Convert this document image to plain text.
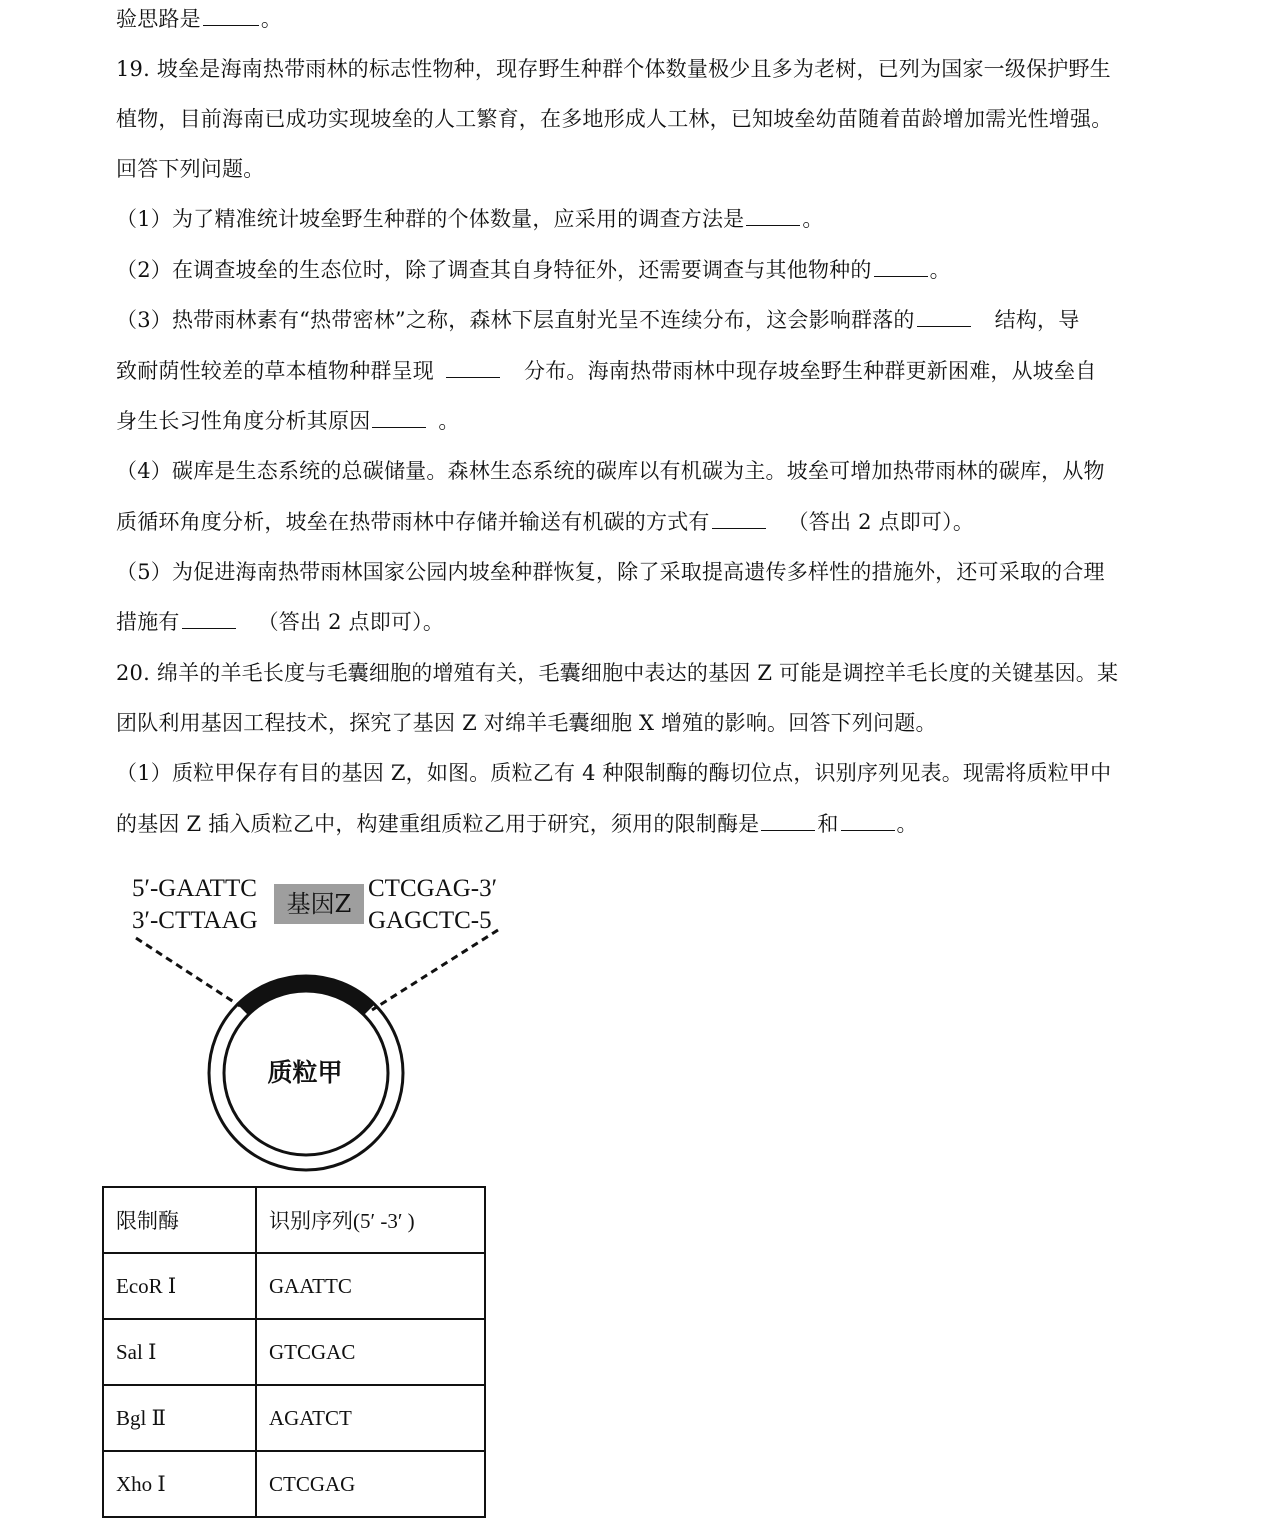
验思路是	。
19. 坡垒是海南热带雨林的标志性物种，现存野生种群个体数量极少且多为老树，已列为国家一级保护野生
植物，目前海南已成功实现坡垒的人工繁育，在多地形成人工林，已知坡垒幼苗随着苗龄增加需光性增强。
回答下列问题。
（1）为了精准统计坡垒野生种群的个体数量，应采用的调查方法是	。
（2）在调查坡垒的生态位时，除了调查其自身特征外，还需要调查与其他物种的	。
（3）热带雨林素有“热带密林”之称，森林下层直射光呈不连续分布，这会影响群落的	结构，导
致耐荫性较差的草本植物种群呈现	分布。海南热带雨林中现存坡垒野生种群更新困难，从坡垒自
身生长习性角度分析其原因	。
（4）碳库是生态系统的总碳储量。森林生态系统的碳库以有机碳为主。坡垒可增加热带雨林的碳库，从物
质循环角度分析，坡垒在热带雨林中存储并输送有机碳的方式有	（答出 2 点即可）。
（5）为促进海南热带雨林国家公园内坡垒种群恢复，除了采取提高遗传多样性的措施外，还可采取的合理
措施有	（答出 2 点即可）。
20. 绵羊的羊毛长度与毛囊细胞的增殖有关，毛囊细胞中表达的基因 Z 可能是调控羊毛长度的关键基因。某
团队利用基因工程技术，探究了基因 Z 对绵羊毛囊细胞 X 增殖的影响。回答下列问题。
（1）质粒甲保存有目的基因 Z，如图。质粒乙有 4 种限制酶的酶切位点，识别序列见表。现需将质粒甲中
的基因 Z 插入质粒乙中，构建重组质粒乙用于研究，须用的限制酶是	和	。
5′-GAATTC
3′-CTTAAG
基因Z
CTCGAG-3′
GAGCTC-5
质粒甲
限制酶	识别序列(5′ -3′ )
EcoR Ⅰ	GAATTC
Sal Ⅰ	GTCGAC
Bgl Ⅱ	AGATCT
Xho Ⅰ	CTCGAG
